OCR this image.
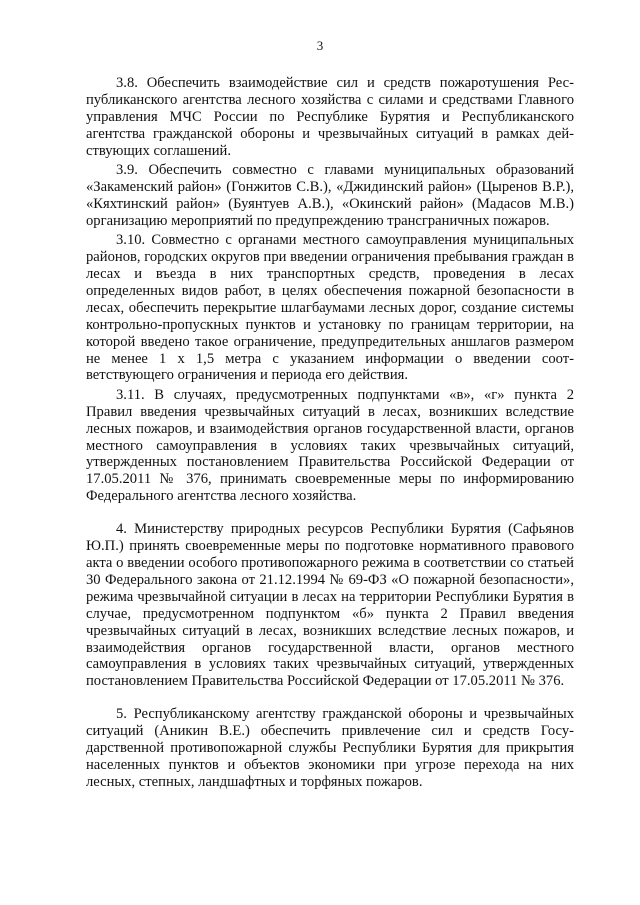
3

3.8. Обеспечить взаимодействие сил и средств пожаротушения Республиканского агентства лесного хозяйства с силами и средствами Главного управления МЧС России по Республике Бурятия и Республиканского агентства гражданской обороны и чрезвычайных ситуаций в рамках действующих соглашений.

3.9. Обеспечить совместно с главами муниципальных образований «Закаменский район» (Гонжитов С.В.), «Джидинский район» (Цыренов В.Р.), «Кяхтинский район» (Буянтуев А.В.), «Окинский район» (Мадасов М.В.) организацию мероприятий по предупреждению трансграничных пожаров.

3.10. Совместно с органами местного самоуправления муниципальных районов, городских округов при введении ограничения пребывания граждан в лесах и въезда в них транспортных средств, проведения в лесах определенных видов работ, в целях обеспечения пожарной безопасности в лесах, обеспечить перекрытие шлагбаумами лесных дорог, создание системы контрольно-пропускных пунктов и установку по границам территории, на которой введено такое ограничение, предупредительных аншлагов размером не менее 1 х 1,5 метра с указанием информации о введении соответствующего ограничения и периода его действия.

3.11. В случаях, предусмотренных подпунктами «в», «г» пункта 2 Правил введения чрезвычайных ситуаций в лесах, возникших вследствие лесных пожаров, и взаимодействия органов государственной власти, органов местного самоуправления в условиях таких чрезвычайных ситуаций, утвержденных постановлением Правительства Российской Федерации от 17.05.2011 № 376, принимать своевременные меры по информированию Федерального агентства лесного хозяйства.

4. Министерству природных ресурсов Республики Бурятия (Сафьянов Ю.П.) принять своевременные меры по подготовке нормативного правового акта о введении особого противопожарного режима в соответствии со статьей 30 Федерального закона от 21.12.1994 № 69-ФЗ «О пожарной безопасности», режима чрезвычайной ситуации в лесах на территории Республики Бурятия в случае, предусмотренном подпунктом «б» пункта 2 Правил введения чрезвычайных ситуаций в лесах, возникших вследствие лесных пожаров, и взаимодействия органов государственной власти, органов местного самоуправления в условиях таких чрезвычайных ситуаций, утвержденных постановлением Правительства Российской Федерации от 17.05.2011 № 376.

5. Республиканскому агентству гражданской обороны и чрезвычайных ситуаций (Аникин В.Е.) обеспечить привлечение сил и средств Государственной противопожарной службы Республики Бурятия для прикрытия населенных пунктов и объектов экономики при угрозе перехода на них лесных, степных, ландшафтных и торфяных пожаров.
